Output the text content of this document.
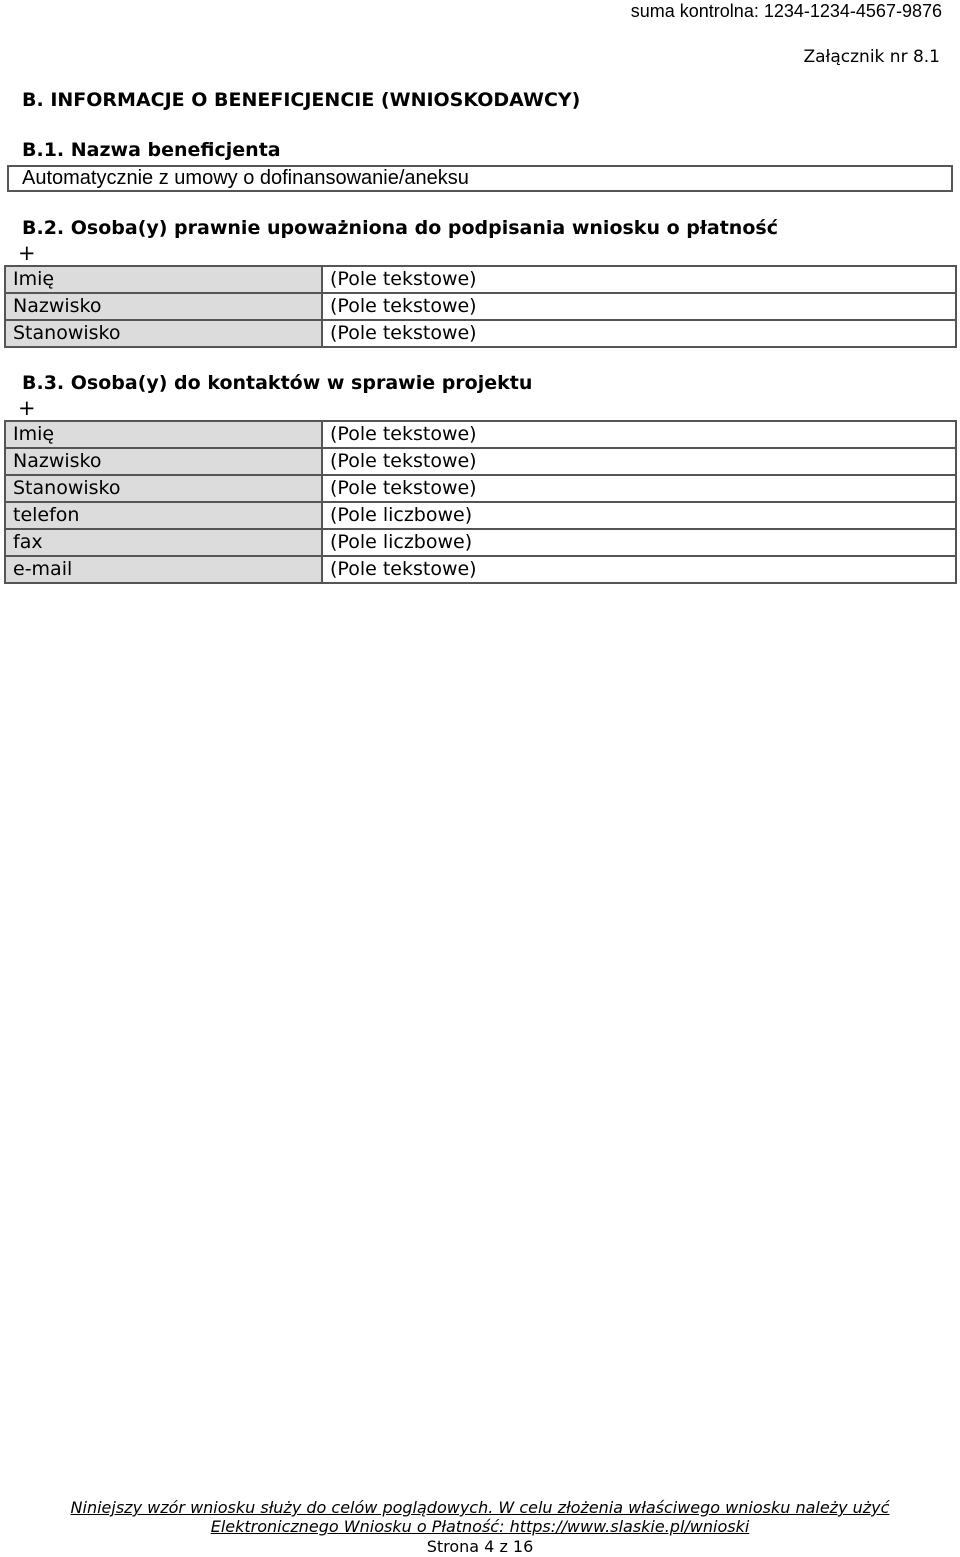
suma kontrolna: 1234-1234-4567-9876
Załącznik nr 8.1
B. INFORMACJE O BENEFICJENCIE (WNIOSKODAWCY)
B.1. Nazwa beneficjenta
Automatycznie z umowy o dofinansowanie/aneksu
B.2. Osoba(y) prawnie upoważniona do podpisania wniosku o płatność
+
Imię	(Pole tekstowe)
Nazwisko	(Pole tekstowe)
Stanowisko	(Pole tekstowe)
B.3. Osoba(y) do kontaktów w sprawie projektu
+
Imię	(Pole tekstowe)
Nazwisko	(Pole tekstowe)
Stanowisko	(Pole tekstowe)
telefon	(Pole liczbowe)
fax	(Pole liczbowe)
e-mail	(Pole tekstowe)
Niniejszy wzór wniosku służy do celów poglądowych. W celu złożenia właściwego wniosku należy użyć
Elektronicznego Wniosku o Płatność: https://www.slaskie.pl/wnioski
Strona 4 z 16
